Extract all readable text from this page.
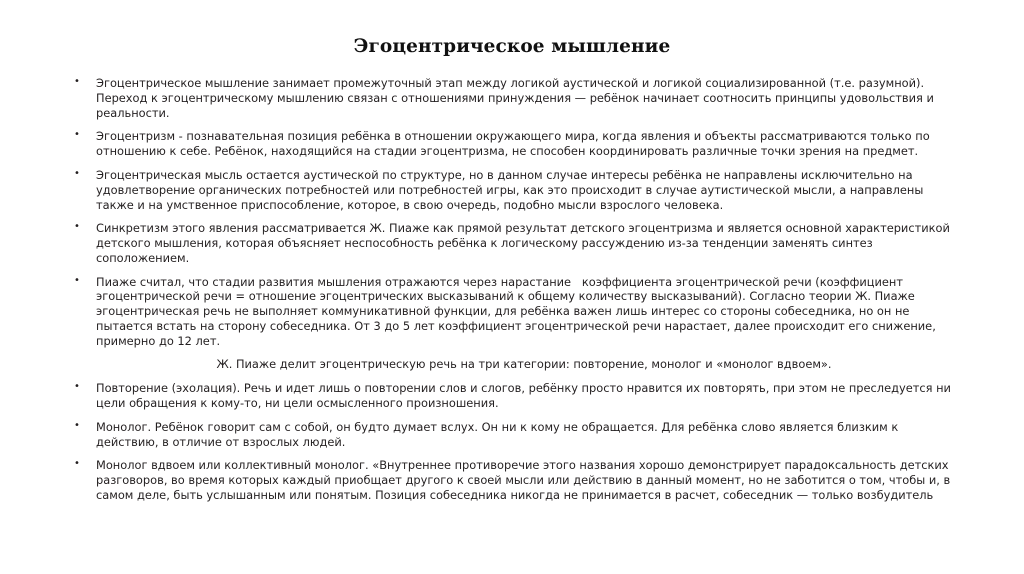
Эгоцентрическое мышление
• Эгоцентрическое мышление занимает промежуточный этап между логикой аустической и логикой социализированной (т.е. разумной). Переход к эгоцентрическому мышлению связан с отношениями принуждения — ребёнок начинает соотносить принципы удовольствия и реальности.
• Эгоцентризм - познавательная позиция ребёнка в отношении окружающего мира, когда явления и объекты рассматриваются только по отношению к себе. Ребёнок, находящийся на стадии эгоцентризма, не способен координировать различные точки зрения на предмет.
• Эгоцентрическая мысль остается аустической по структуре, но в данном случае интересы ребёнка не направлены исключительно на удовлетворение органических потребностей или потребностей игры, как это происходит в случае аутистической мысли, а направлены также и на умственное приспособление, которое, в свою очередь, подобно мысли взрослого человека.
• Синкретизм этого явления рассматривается Ж. Пиаже как прямой результат детского эгоцентризма и является основной характеристикой детского мышления, которая объясняет неспособность ребёнка к логическому рассуждению из-за тенденции заменять синтез соположением.
• Пиаже считал, что стадии развития мышления отражаются через нарастание   коэффициента эгоцентрической речи (коэффициент эгоцентрической речи = отношение эгоцентрических высказываний к общему количеству высказываний). Согласно теории Ж. Пиаже эгоцентрическая речь не выполняет коммуникативной функции, для ребёнка важен лишь интерес со стороны собеседника, но он не пытается встать на сторону собеседника. От 3 до 5 лет коэффициент эгоцентрической речи нарастает, далее происходит его снижение, примерно до 12 лет.
Ж. Пиаже делит эгоцентрическую речь на три категории: повторение, монолог и «монолог вдвоем».
• Повторение (эхолация). Речь и идет лишь о повторении слов и слогов, ребёнку просто нравится их повторять, при этом не преследуется ни цели обращения к кому-то, ни цели осмысленного произношения.
• Монолог. Ребёнок говорит сам с собой, он будто думает вслух. Он ни к кому не обращается. Для ребёнка слово является близким к действию, в отличие от взрослых людей.
• Монолог вдвоем или коллективный монолог. «Внутреннее противоречие этого названия хорошо демонстрирует парадоксальность детских разговоров, во время которых каждый приобщает другого к своей мысли или действию в данный момент, но не заботится о том, чтобы и, в самом деле, быть услышанным или понятым. Позиция собеседника никогда не принимается в расчет, собеседник — только возбудитель
